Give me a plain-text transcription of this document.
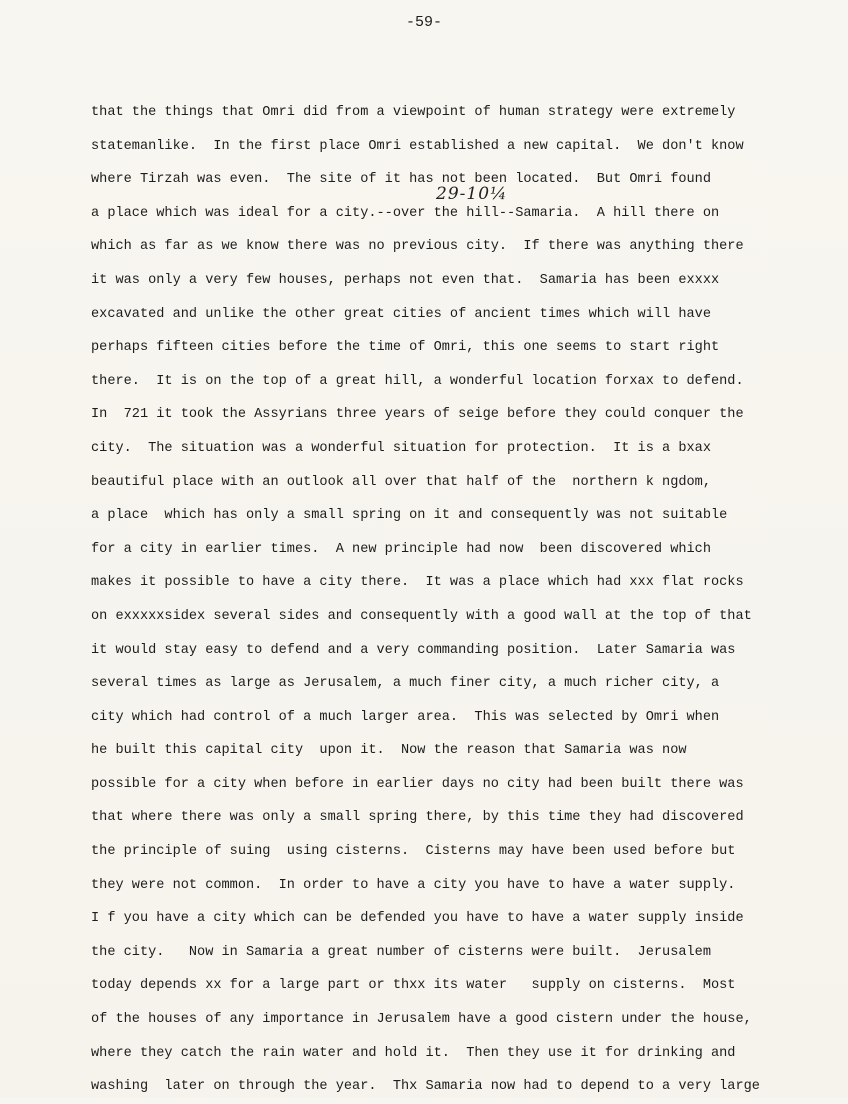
-59-
29-10¼
that the things that Omri did from a viewpoint of human strategy were extremely
statemanlike.  In the first place Omri established a new capital.  We don't know
where Tirzah was even.  The site of it has not been located.  But Omri found
a place which was ideal for a city.--over the hill--Samaria.  A hill there on
which as far as we know there was no previous city.  If there was anything there
it was only a very few houses, perhaps not even that.  Samaria has been exxxx
excavated and unlike the other great cities of ancient times which will have
perhaps fifteen cities before the time of Omri, this one seems to start right
there.  It is on the top of a great hill, a wonderful location forxax to defend.
In  721 it took the Assyrians three years of seige before they could conquer the
city.  The situation was a wonderful situation for protection.  It is a bxax
beautiful place with an outlook all over that half of the  northern k ngdom,
a place  which has only a small spring on it and consequently was not suitable
for a city in earlier times.  A new principle had now  been discovered which
makes it possible to have a city there.  It was a place which had xxx flat rocks
on exxxxxsidex several sides and consequently with a good wall at the top of that
it would stay easy to defend and a very commanding position.  Later Samaria was
several times as large as Jerusalem, a much finer city, a much richer city, a
city which had control of a much larger area.  This was selected by Omri when
he built this capital city  upon it.  Now the reason that Samaria was now
possible for a city when before in earlier days no city had been built there was
that where there was only a small spring there, by this time they had discovered
the principle of suing  using cisterns.  Cisterns may have been used before but
they were not common.  In order to have a city you have to have a water supply.
I f you have a city which can be defended you have to have a water supply inside
the city.   Now in Samaria a great number of cisterns were built.  Jerusalem
today depends xx for a large part or thxx its water   supply on cisterns.  Most
of the houses of any importance in Jerusalem have a good cistern under the house,
where they catch the rain water and hold it.  Then they use it for drinking and
washing  later on through the year.  Thx Samaria now had to depend to a very large
